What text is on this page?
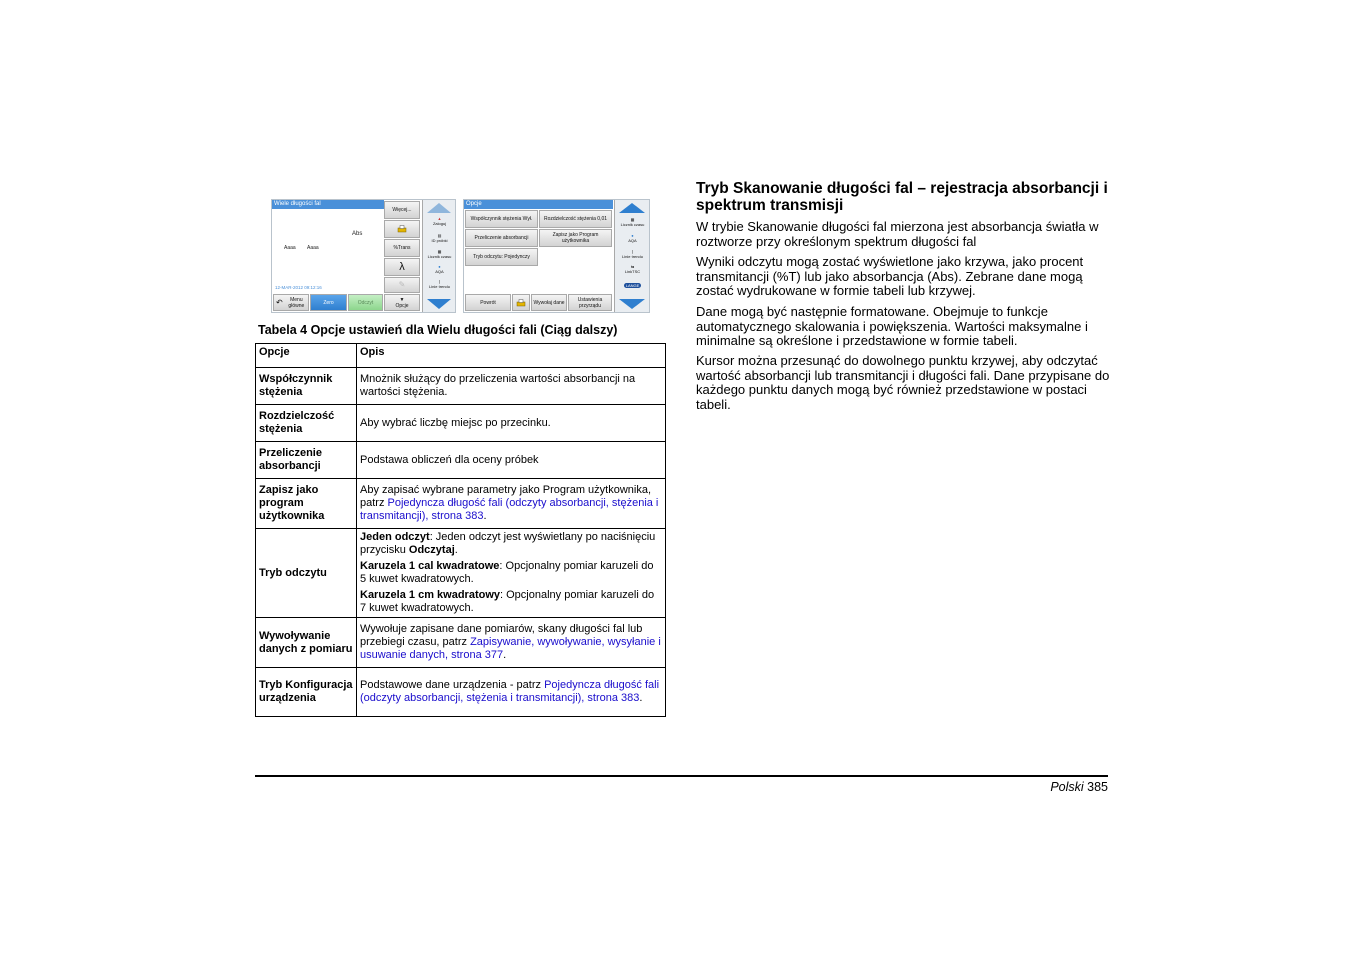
Wiele długości fal
Abs
Aaaa Aaaa
12-MAR-2012 09:12:16
Więcej...
%Trans
λ
✎
↶	Menu główne	Zero	Odczyt	▼
Opcje
▲
Zaloguj
▤
ID próbki
▦
Licznik czasu
●
AQA
⌊
Linie trendu
Opcje
Współczynnik stężenia Wył.	Rozdzielczość stężenia 0,01
Przeliczenie absorbancji	Zapisz jako Program użytkownika
Tryb odczytu: Pojedynczy
Powrót	Wywołaj dane	Ustawienia przyrządu
▦
Licznik czasu
●
AQA
⌊
Linie trendu
⇆
LinkTSC
LANGE
Tabela 4 Opcje ustawień dla Wielu długości fali (Ciąg dalszy)
Opcje	Opis
Współczynnik stężenia	Mnożnik służący do przeliczenia wartości absorbancji na wartości stężenia.
Rozdzielczość stężenia	Aby wybrać liczbę miejsc po przecinku.
Przeliczenie absorbancji	Podstawa obliczeń dla oceny próbek
Zapisz jako program użytkownika	Aby zapisać wybrane parametry jako Program użytkownika, patrz Pojedyncza długość fali (odczyty absorbancji, stężenia i transmitancji), strona 383.
Tryb odczytu	Jeden odczyt: Jeden odczyt jest wyświetlany po naciśnięciu przycisku Odczytaj.
Karuzela 1 cal kwadratowe: Opcjonalny pomiar karuzeli do 5 kuwet kwadratowych.
Karuzela 1 cm kwadratowy: Opcjonalny pomiar karuzeli do 7 kuwet kwadratowych.

Wywoływanie danych z pomiaru	Wywołuje zapisane dane pomiarów, skany długości fal lub przebiegi czasu, patrz Zapisywanie, wywoływanie, wysyłanie i usuwanie danych, strona 377.
Tryb Konfiguracja urządzenia	Podstawowe dane urządzenia - patrz Pojedyncza długość fali (odczyty absorbancji, stężenia i transmitancji), strona 383.
Tryb Skanowanie długości fal – rejestracja absorbancji i spektrum transmisji

W trybie Skanowanie długości fal mierzona jest absorbancja światła w roztworze przy określonym spektrum długości fal

Wyniki odczytu mogą zostać wyświetlone jako krzywa, jako procent transmitancji (%T) lub jako absorbancja (Abs). Zebrane dane mogą zostać wydrukowane w formie tabeli lub krzywej.

Dane mogą być następnie formatowane. Obejmuje to funkcje automatycznego skalowania i powiększenia. Wartości maksymalne i minimalne są określone i przedstawione w formie tabeli.

Kursor można przesunąć do dowolnego punktu krzywej, aby odczytać wartość absorbancji lub transmitancji i długości fali. Dane przypisane do każdego punktu danych mogą być również przedstawione w postaci tabeli.

Polski 385
